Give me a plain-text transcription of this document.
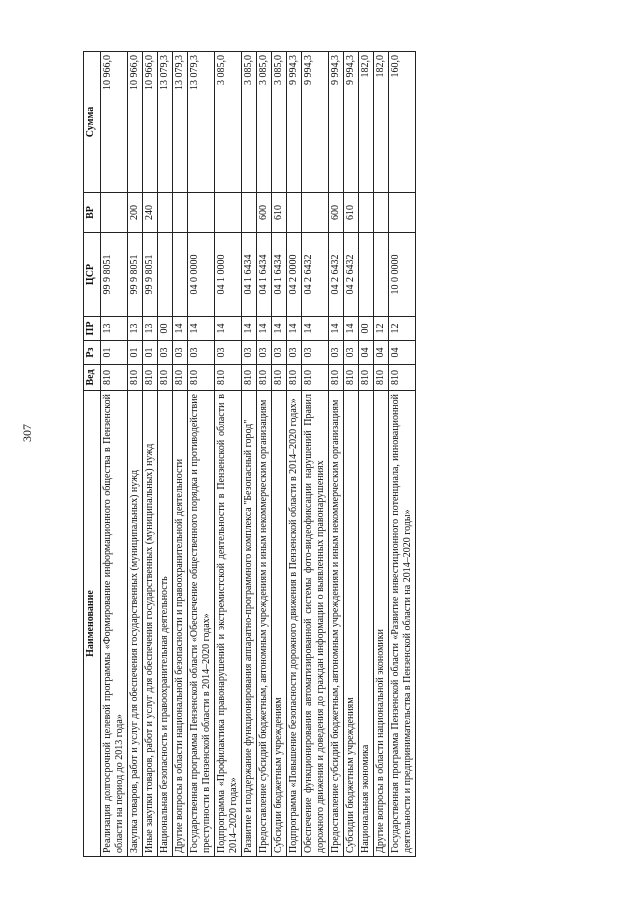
307
Наименование	Вед	Рз	ПР	ЦСР	ВР	Сумма
Реализация долгосрочной целевой программы «Формирование информационного общества в Пензенской области на период до 2013 года»	810	01	13	99 9 8051		10 966,0
Закупка товаров, работ и услуг для обеспечения государственных (муниципальных) нужд	810	01	13	99 9 8051	200	10 966,0
Иные закупки товаров, работ и услуг для обеспечения государственных (муниципальных) нужд	810	01	13	99 9 8051	240	10 966,0
Национальная безопасность и правоохранительная деятельность	810	03	00			13 079,3
Другие вопросы в области национальной безопасности и правоохранительной деятельности	810	03	14			13 079,3
Государственная программа Пензенской области «Обеспечение общественного порядка и противодействие преступности в Пензенской области в 2014–2020 годах»	810	03	14	04 0 0000		13 079,3
Подпрограмма «Профилактика правонарушений и экстремистской деятельности в Пензенской области в 2014–2020 годах»	810	03	14	04 1 0000		3 085,0
Развитие и поддержание функционирования аппаратно-программного комплекса "Безопасный город"	810	03	14	04 1 6434		3 085,0
Предоставление субсидий бюджетным, автономным учреждениям и иным некоммерческим организациям	810	03	14	04 1 6434	600	3 085,0
Субсидии бюджетным учреждениям	810	03	14	04 1 6434	610	3 085,0
Подпрограмма «Повышение безопасности дорожного движения в Пензенской области в 2014–2020 годах»	810	03	14	04 2 0000		9 994,3
Обеспечение функционирования автоматизированной системы фото-видеофиксации нарушений Правил дорожного движения и доведения до граждан информации о выявленных правонарушениях	810	03	14	04 2 6432		9 994,3
Предоставление субсидий бюджетным, автономным учреждениям и иным некоммерческим организациям	810	03	14	04 2 6432	600	9 994,3
Субсидии бюджетным учреждениям	810	03	14	04 2 6432	610	9 994,3
Национальная экономика	810	04	00			182,0
Другие вопросы в области национальной экономики	810	04	12			182,0
Государственная программа Пензенской области «Развитие инвестиционного потенциала, инновационной деятельности и предпринимательства в Пензенской области на 2014–2020 годы»	810	04	12	10 0 0000		160,0
